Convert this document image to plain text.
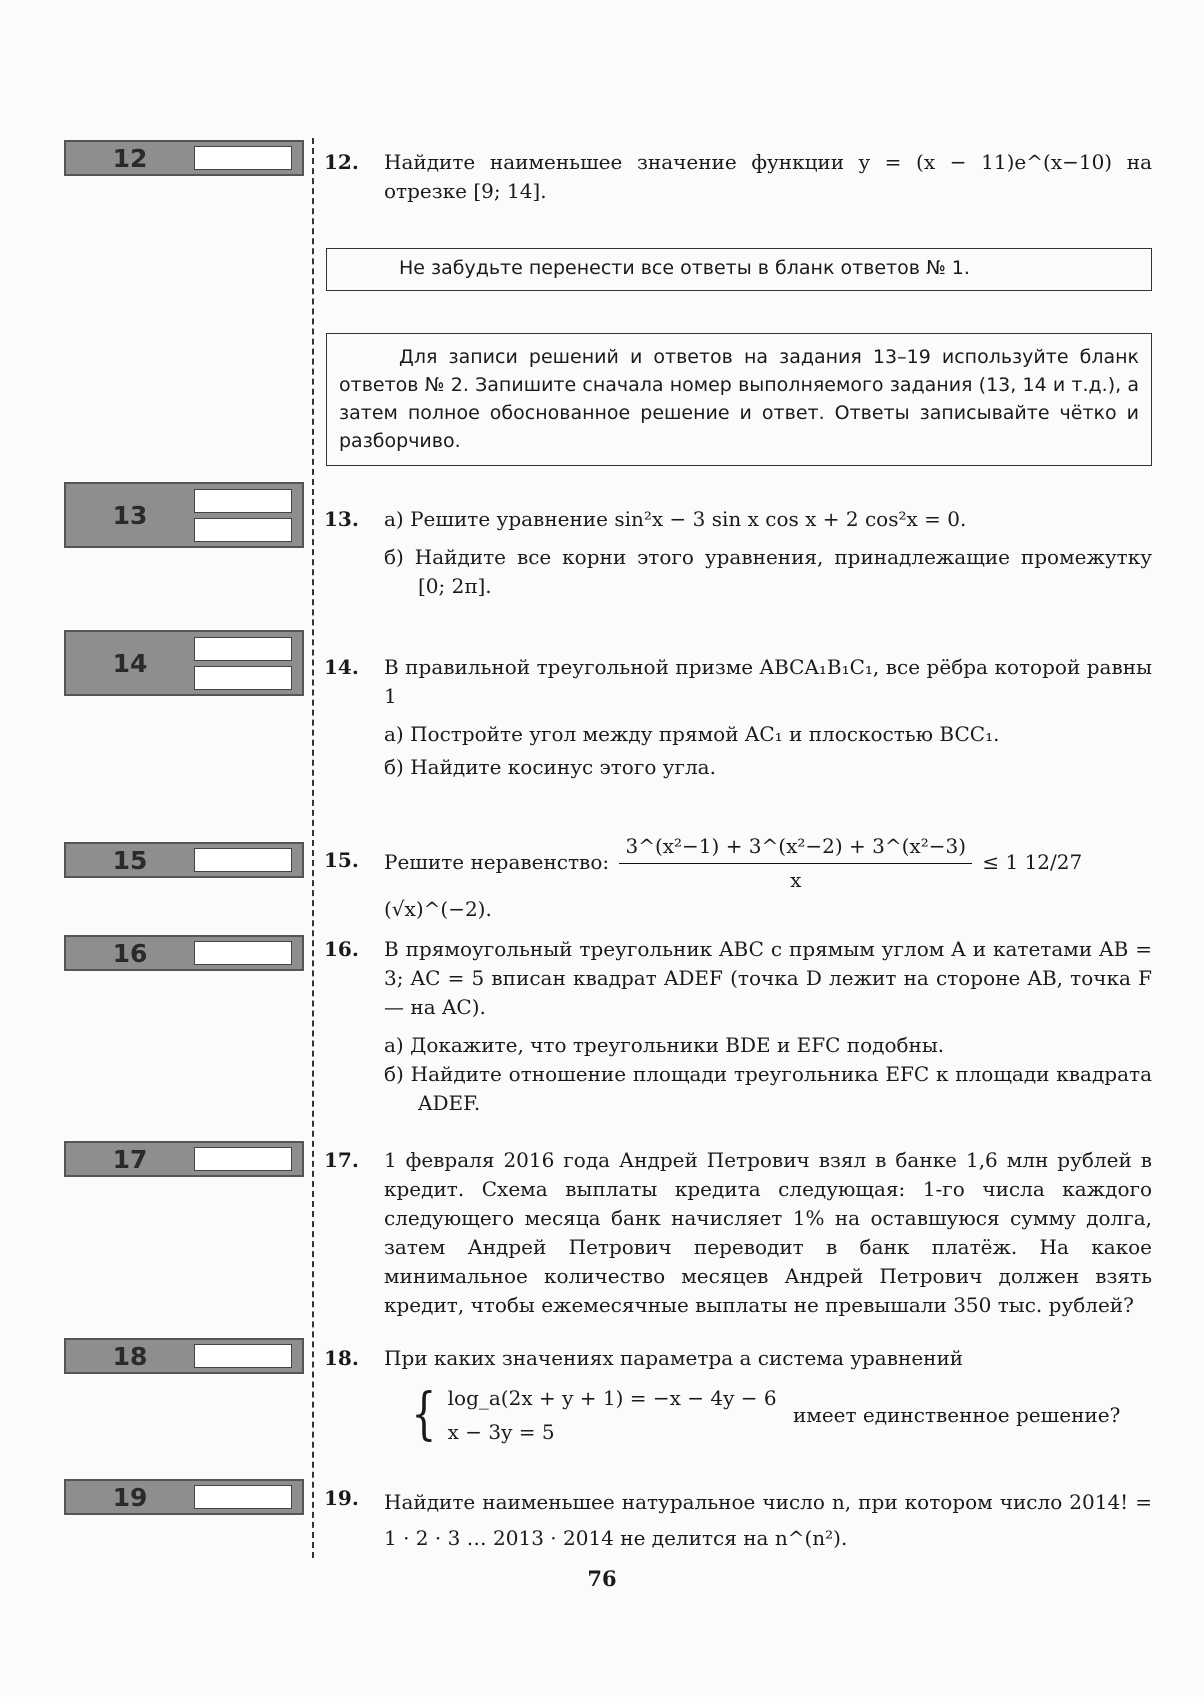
12
13
14
15
16
17
18
19
12. Найдите наименьшее значение функции y = (x − 11)e^(x−10) на отрезке [9; 14].

Не забудьте перенести все ответы в бланк ответов № 1.

Для записи решений и ответов на задания 13–19 используйте бланк ответов № 2. Запишите сначала номер выполняемого задания (13, 14 и т.д.), а затем полное обоснованное решение и ответ. Ответы записывайте чётко и разборчиво.

13. а) Решите уравнение sin²x − 3 sin x cos x + 2 cos²x = 0.

б) Найдите все корни этого уравнения, принадлежащие промежутку [0; 2π].

14. В правильной треугольной призме ABCA₁B₁C₁, все рёбра которой равны 1

а) Постройте угол между прямой AC₁ и плоскостью BCC₁.

б) Найдите косинус этого угла.

15. Решите неравенство: $\frac{\text{3\textasciicircum{}(x²−1) + 3\textasciicircum{}(x²−2) + 3\textasciicircum{}(x²−3)}}{x} \le 1$ 12/27 (√x)^(−2).
16. В прямоугольный треугольник ABC с прямым углом A и катетами AB = 3; AC = 5 вписан квадрат ADEF (точка D лежит на стороне AB, точка F — на AC).

а) Докажите, что треугольники BDE и EFC подобны.

б) Найдите отношение площади треугольника EFC к площади квадрата ADEF.

17. 1 февраля 2016 года Андрей Петрович взял в банке 1,6 млн рублей в кредит. Схема выплаты кредита следующая: 1-го числа каждого следующего месяца банк начисляет 1% на оставшуюся сумму долга, затем Андрей Петрович переводит в банк платёж. На какое минимальное количество месяцев Андрей Петрович должен взять кредит, чтобы ежемесячные выплаты не превышали 350 тыс. рублей?

18. При каких значениях параметра a система уравнений

{ log_a(2x + y + 1) = −x − 4y − 6
x − 3y = 5
имеет единственное решение?
19. Найдите наименьшее натуральное число n, при котором число 2014! = 1 · 2 · 3 … 2013 · 2014 не делится на n^(n²).

76
